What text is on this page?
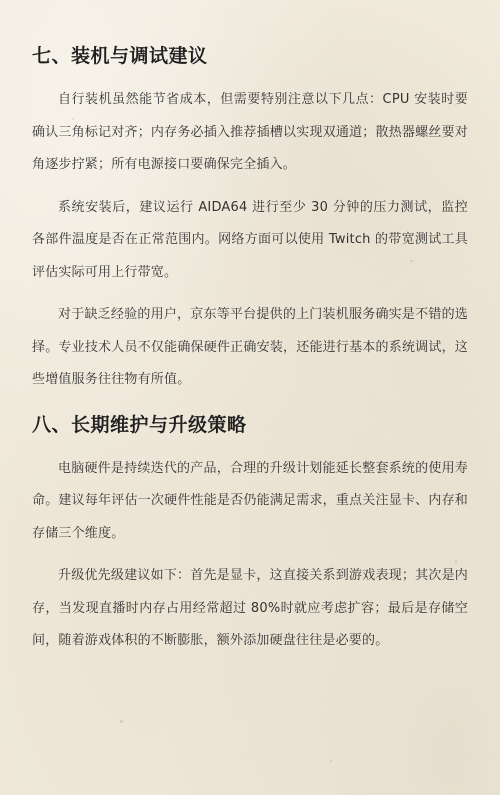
七、装机与调试建议

自行装机虽然能节省成本，但需要特别注意以下几点：CPU 安装时要确认三角标记对齐；内存务必插入推荐插槽以实现双通道；散热器螺丝要对角逐步拧紧；所有电源接口要确保完全插入。

系统安装后，建议运行 AIDA64 进行至少 30 分钟的压力测试，监控各部件温度是否在正常范围内。网络方面可以使用 Twitch 的带宽测试工具评估实际可用上行带宽。

对于缺乏经验的用户，京东等平台提供的上门装机服务确实是不错的选择。专业技术人员不仅能确保硬件正确安装，还能进行基本的系统调试，这些增值服务往往物有所值。

八、长期维护与升级策略

电脑硬件是持续迭代的产品，合理的升级计划能延长整套系统的使用寿命。建议每年评估一次硬件性能是否仍能满足需求，重点关注显卡、内存和存储三个维度。

升级优先级建议如下：首先是显卡，这直接关系到游戏表现；其次是内存，当发现直播时内存占用经常超过 80%时就应考虑扩容；最后是存储空间，随着游戏体积的不断膨胀，额外添加硬盘往往是必要的。
